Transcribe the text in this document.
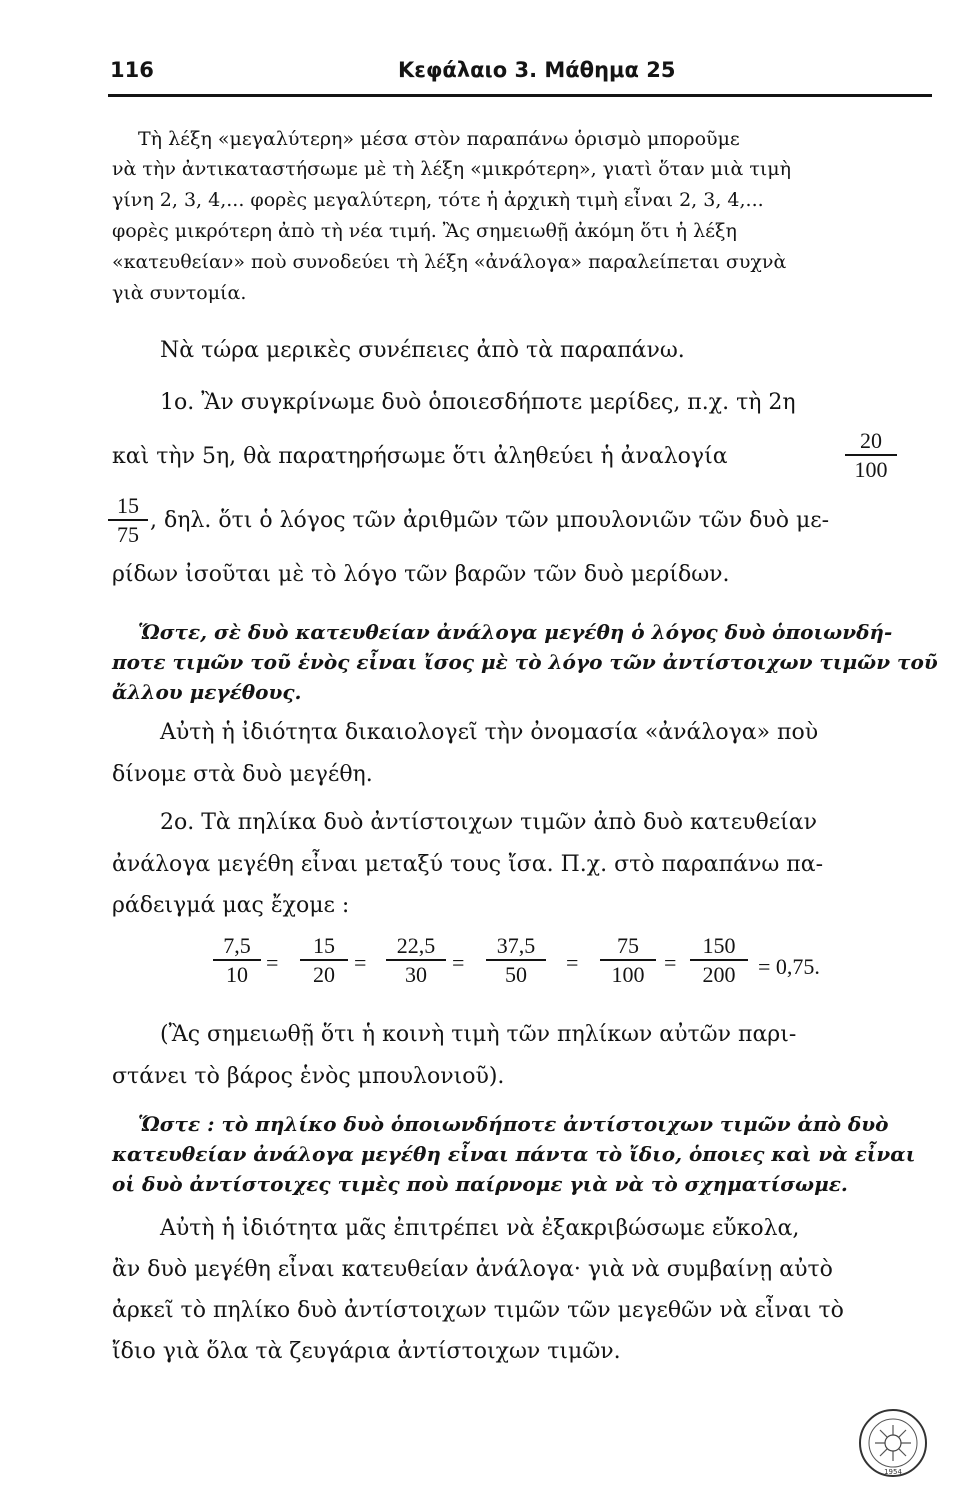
116	Κεφάλαιο 3. Μάθημα 25

Τὴ λέξη «μεγαλύτερη» μέσα στὸν παραπάνω ὁρισμὸ μποροῦμε

νὰ τὴν ἀντικαταστήσωμε μὲ τὴ λέξη «μικρότερη», γιατὶ ὅταν μιὰ τιμὴ

γίνη 2, 3, 4,... φορὲς μεγαλύτερη, τότε ἡ ἀρχικὴ τιμὴ εἶναι 2, 3, 4,...

φορὲς μικρότερη ἀπὸ τὴ νέα τιμή. Ἂς σημειωθῇ ἀκόμη ὅτι ἡ λέξη

«κατευθείαν» ποὺ συνοδεύει τὴ λέξη «ἀνάλογα» παραλείπεται συχνὰ

γιὰ συντομία.

Νὰ τώρα μερικὲς συνέπειες ἀπὸ τὰ παραπάνω.

1ο. Ἂν συγκρίνωμε δυὸ ὁποιεσδήποτε μερίδες, π.χ. τὴ 2η

καὶ τὴν 5η, θὰ παρατηρήσωμε ὅτι ἀληθεύει ἡ ἀναλογία	$\frac{20}{100}$
$\frac{15}{75}$ , δηλ. ὅτι ὁ λόγος τῶν ἀριθμῶν τῶν μπουλονιῶν τῶν δυὸ με-

ρίδων ἰσοῦται μὲ τὸ λόγο τῶν βαρῶν τῶν δυὸ μερίδων.

Ὥστε, σὲ δυὸ κατευθείαν ἀνάλογα μεγέθη ὁ λόγος δυὸ ὁποιωνδή-

ποτε τιμῶν τοῦ ἑνὸς εἶναι ἴσος μὲ τὸ λόγο τῶν ἀντίστοιχων τιμῶν τοῦ

ἄλλου μεγέθους.

Αὐτὴ ἡ ἰδιότητα δικαιολογεῖ τὴν ὀνομασία «ἀνάλογα» ποὺ

δίνομε στὰ δυὸ μεγέθη.

2ο. Τὰ πηλίκα δυὸ ἀντίστοιχων τιμῶν ἀπὸ δυὸ κατευθείαν

ἀνάλογα μεγέθη εἶναι μεταξύ τους ἴσα. Π.χ. στὸ παραπάνω πα-

ράδειγμά μας ἔχομε :

$\frac{7,5}{10} = \frac{15}{20} = \frac{22,5}{30} = \frac{37,5}{50} = \frac{75}{100} = \frac{150}{200} = 0,75$.

(Ἂς σημειωθῇ ὅτι ἡ κοινὴ τιμὴ τῶν πηλίκων αὐτῶν παρι-

στάνει τὸ βάρος ἑνὸς μπουλονιοῦ).

Ὥστε : τὸ πηλίκο δυὸ ὁποιωνδήποτε ἀντίστοιχων τιμῶν ἀπὸ δυὸ

κατευθείαν ἀνάλογα μεγέθη εἶναι πάντα τὸ ἴδιο, ὁποιες καὶ νὰ εἶναι

οἱ δυὸ ἀντίστοιχες τιμὲς ποὺ παίρνομε γιὰ νὰ τὸ σχηματίσωμε.

Αὐτὴ ἡ ἰδιότητα μᾶς ἐπιτρέπει νὰ ἐξακριβώσωμε εὔκολα,

ἂν δυὸ μεγέθη εἶναι κατευθείαν ἀνάλογα· γιὰ νὰ συμβαίνῃ αὐτὸ

ἀρκεῖ τὸ πηλίκο δυὸ ἀντίστοιχων τιμῶν τῶν μεγεθῶν νὰ εἶναι τὸ

ἴδιο γιὰ ὅλα τὰ ζευγάρια ἀντίστοιχων τιμῶν.

1954
